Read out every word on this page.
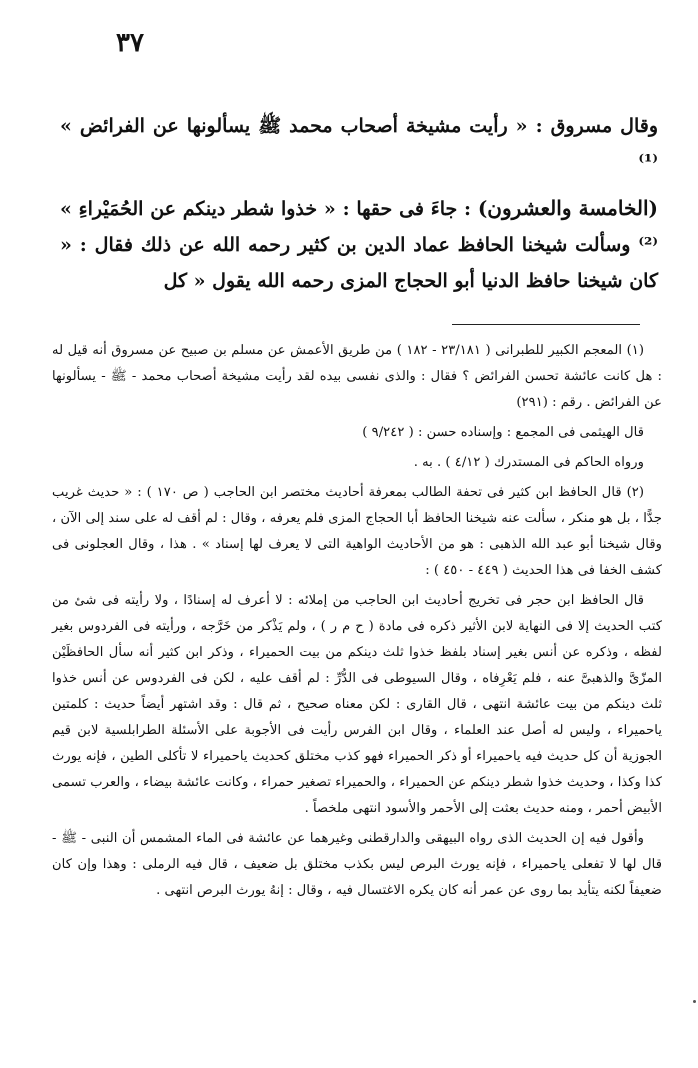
٣٧

وقال مسروق : « رأيت مشيخة أصحاب محمد ﷺ يسألونها عن الفرائض » ⁽¹⁾

(الخامسة والعشرون) : جاءَ فى حقها : « خذوا شطر دينكم عن الحُمَيْراءِ » ⁽²⁾ وسألت شيخنا الحافظ عماد الدين بن كثير رحمه الله عن ذلك فقال : « كان شيخنا حافظ الدنيا أبو الحجاج المزى رحمه الله يقول « كل

(١) المعجم الكبير للطبرانى ( ٢٣/١٨١ - ١٨٢ ) من طريق الأعمش عن مسلم بن صبيح عن مسروق أنه قيل له : هل كانت عائشة تحسن الفرائض ؟ فقال : والذى نفسى بيده لقد رأيت مشيخة أصحاب محمد - ﷺ - يسألونها عن الفرائض . رقم : (٢٩١)

قال الهيثمى فى المجمع : وإسناده حسن : ( ٩/٢٤٢ )

ورواه الحاكم فى المستدرك ( ٤/١٢ ) . به .

(٢) قال الحافظ ابن كثير فى تحفة الطالب بمعرفة أحاديث مختصر ابن الحاجب ( ص ١٧٠ ) : « حديث غريب جدًّا ، بل هو منكر ، سألت عنه شيخنا الحافظ أبا الحجاج المزى فلم يعرفه ، وقال : لم أقف له على سند إلى الآن ، وقال شيخنا أبو عبد الله الذهبى : هو من الأحاديث الواهية التى لا يعرف لها إسناد » . هذا ، وقال العجلونى فى كشف الخفا فى هذا الحديث ( ٤٤٩ - ٤٥٠ ) :

قال الحافظ ابن حجر فى تخريج أحاديث ابن الحاجب من إملائه : لا أعرف له إسنادًا ، ولا رأيته فى شئ من كتب الحديث إلا فى النهاية لابن الأثير ذكره فى مادة ( ح م ر ) ، ولم يَذْكر من خَرَّجه ، ورأيته فى الفردوس بغير لفظه ، وذكره عن أنس بغير إسناد بلفظ خذوا ثلث دينكم من بيت الحميراء ، وذكر ابن كثير أنه سأل الحافظَيْن المزّىَّ والذهبىَّ عنه ، فلم يَعْرِفاه ، وقال السيوطى فى الدُّرِّ : لم أقف عليه ، لكن فى الفردوس عن أنس خذوا ثلث دينكم من بيت عائشة انتهى ، قال القارى : لكن معناه صحيح ، ثم قال : وقد اشتهر أيضاً حديث : كلمتين ياحميراء ، وليس له أصل عند العلماء ، وقال ابن الفرس رأيت فى الأجوبة على الأسئلة الطرابلسية لابن قيم الجوزية أن كل حديث فيه ياحميراء أو ذكر الحميراء فهو كذب مختلق كحديث ياحميراء لا تأكلى الطين ، فإنه يورث كذا وكذا ، وحديث خذوا شطر دينكم عن الحميراء ، والحميراء تصغير حمراء ، وكانت عائشة بيضاء ، والعرب تسمى الأبيض أحمر ، ومنه حديث بعثت إلى الأحمر والأسود انتهى ملخصاً .

وأقول فيه إن الحديث الذى رواه البيهقى والدارقطنى وغيرهما عن عائشة فى الماء المشمس أن النبى - ﷺ - قال لها لا تفعلى ياحميراء ، فإنه يورث البرص ليس بكذب مختلق بل ضعيف ، قال فيه الرملى : وهذا وإن كان ضعيفاً لكنه يتأيد بما روى عن عمر أنه كان يكره الاغتسال فيه ، وقال : إنهُ يورث البرص انتهى .
